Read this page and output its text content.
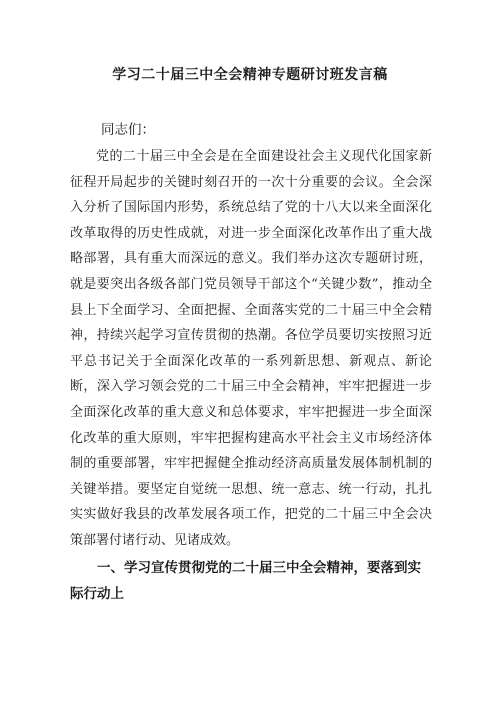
学习二十届三中全会精神专题研讨班发言稿

同志们：

党的二十届三中全会是在全面建设社会主义现代化国家新征程开局起步的关键时刻召开的一次十分重要的会议。全会深入分析了国际国内形势，系统总结了党的十八大以来全面深化改革取得的历史性成就，对进一步全面深化改革作出了重大战略部署，具有重大而深远的意义。我们举办这次专题研讨班，就是要突出各级各部门党员领导干部这个“关键少数”，推动全县上下全面学习、全面把握、全面落实党的二十届三中全会精神，持续兴起学习宣传贯彻的热潮。各位学员要切实按照习近平总书记关于全面深化改革的一系列新思想、新观点、新论断，深入学习领会党的二十届三中全会精神，牢牢把握进一步全面深化改革的重大意义和总体要求，牢牢把握进一步全面深化改革的重大原则，牢牢把握构建高水平社会主义市场经济体制的重要部署，牢牢把握健全推动经济高质量发展体制机制的关键举措。要坚定自觉统一思想、统一意志、统一行动，扎扎实实做好我县的改革发展各项工作，把党的二十届三中全会决策部署付诸行动、见诸成效。

一、学习宣传贯彻党的二十届三中全会精神，要落到实际行动上
